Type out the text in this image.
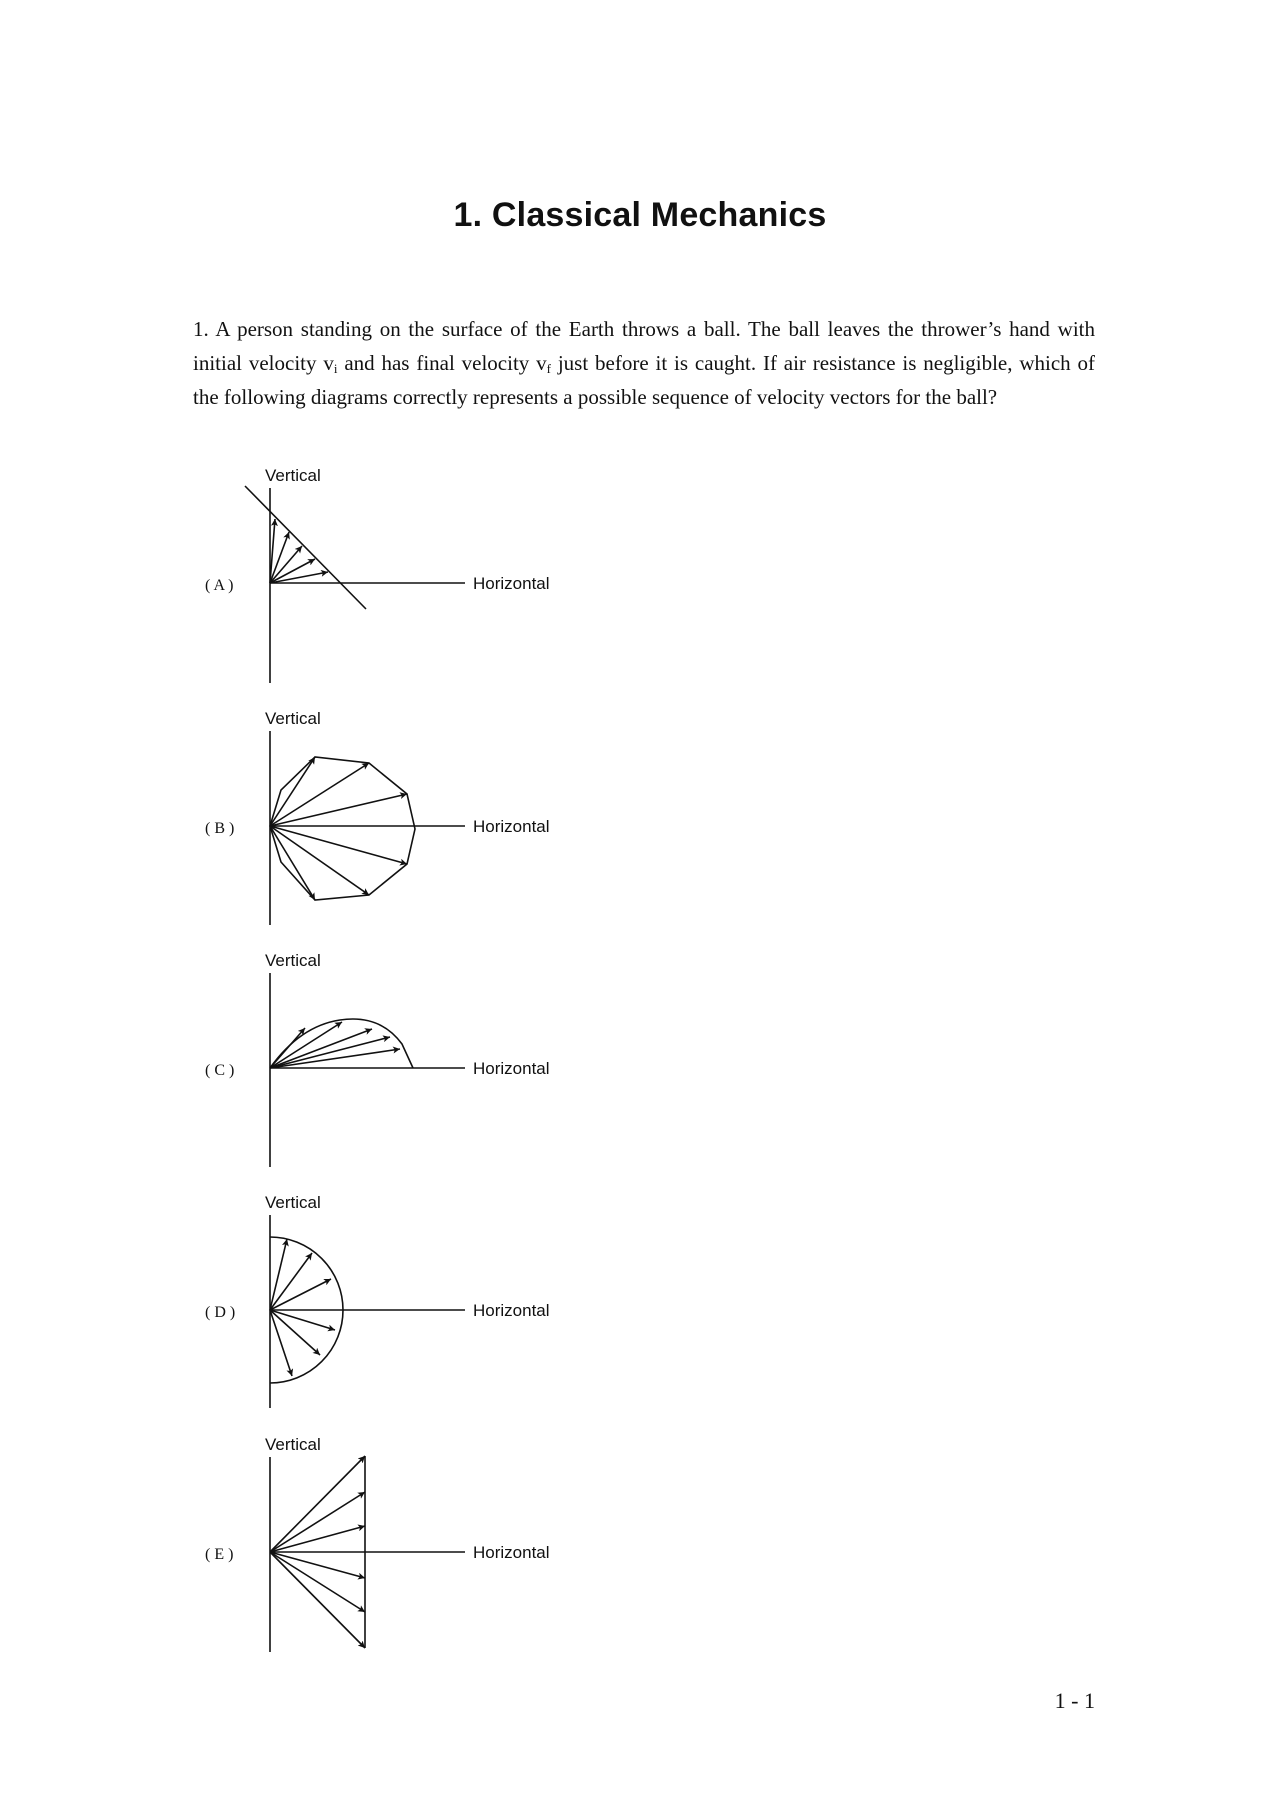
1. Classical Mechanics

1. A person standing on the surface of the Earth throws a ball. The ball leaves the thrower’s hand with initial velocity $v_i$ and has final velocity $v_f$ just before it is caught. If air resistance is negligible, which of the following diagrams correctly represents a possible sequence of velocity vectors for the ball?

Vertical
( A )	Horizontal
Vertical
( B )	Horizontal
Vertical
( C )	Horizontal
Vertical
( D )	Horizontal
Vertical
( E )	Horizontal

1 - 1
